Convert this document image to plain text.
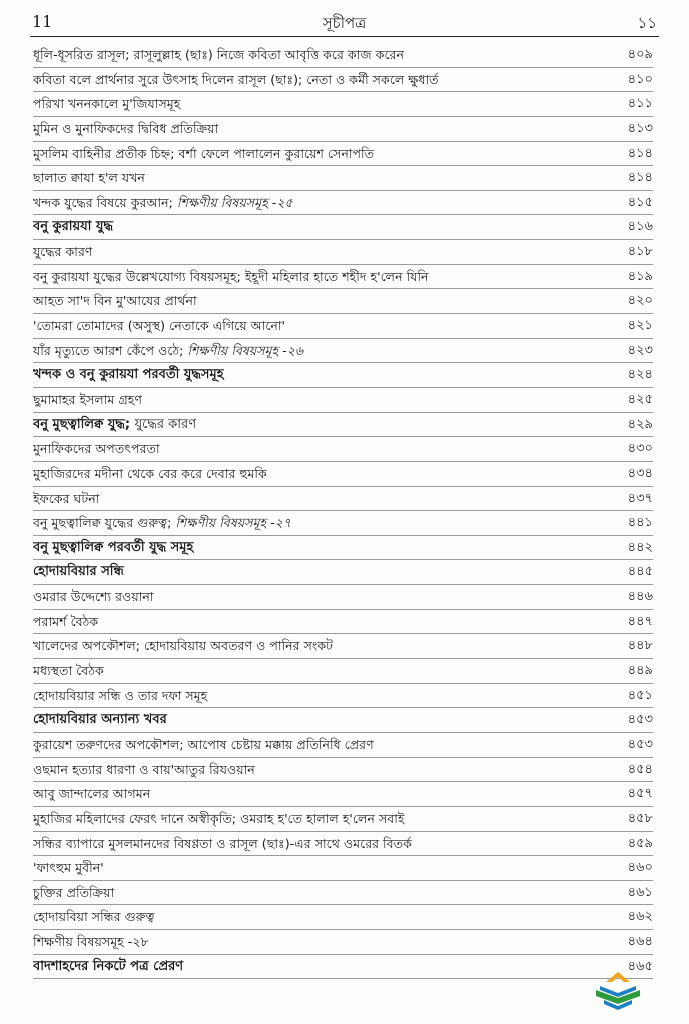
11	সূচীপত্র	১১
ধূলি-ধূসরিত রাসূল; রাসূলুল্লাহ (ছাঃ) নিজে কবিতা আবৃত্তি করে কাজ করেন	৪০৯
কবিতা বলে প্রার্থনার সুরে উৎসাহ দিলেন রাসূল (ছাঃ); নেতা ও কর্মী সকলে ক্ষুধার্ত	৪১০
পরিখা খননকালে মু'জিযাসমূহ	৪১১
মুমিন ও মুনাফিকদের দ্বিবিধ প্রতিক্রিয়া	৪১৩
মুসলিম বাহিনীর প্রতীক চিহ্ন; বর্শা ফেলে পালালেন কুরায়েশ সেনাপতি	৪১৪
ছালাত ক্বাযা হ'ল যখন	৪১৪
খন্দক যুদ্ধের বিষয়ে কুরআন; শিক্ষণীয় বিষয়সমূহ -২৫	৪১৫
বনু কুরায়যা যুদ্ধ	৪১৬
যুদ্ধের কারণ	৪১৮
বনু কুরায়যা যুদ্ধের উল্লেখযোগ্য বিষয়সমূহ; ইহূদী মহিলার হাতে শহীদ হ'লেন যিনি	৪১৯
আহত সা'দ বিন মু'আযের প্রার্থনা	৪২০
'তোমরা তোমাদের (অসুস্থ) নেতাকে এগিয়ে আনো'	৪২১
যাঁর মৃত্যুতে আরশ কেঁপে ওঠে; শিক্ষণীয় বিষয়সমূহ -২৬	৪২৩
খন্দক ও বনু কুরায়যা পরবর্তী যুদ্ধসমূহ	৪২৪
ছুমামাহর ইসলাম গ্রহণ	৪২৫
বনু মুছত্বালিক্ব যুদ্ধ; যুদ্ধের কারণ	৪২৯
মুনাফিকদের অপতৎপরতা	৪৩০
মুহাজিরদের মদীনা থেকে বের করে দেবার হুমকি	৪৩৪
ইফকের ঘটনা	৪৩৭
বনু মুছত্বালিক্ব যুদ্ধের গুরুত্ব; শিক্ষণীয় বিষয়সমূহ -২৭	৪৪১
বনু মুছত্বালিক্ব পরবর্তী যুদ্ধ সমূহ	৪৪২
হোদায়বিয়ার সন্ধি	৪৪৫
ওমরার উদ্দেশ্যে রওয়ানা	৪৪৬
পরামর্শ বৈঠক	৪৪৭
খালেদের অপকৌশল; হোদায়বিয়ায় অবতরণ ও পানির সংকট	৪৪৮
মধ্যস্থতা বৈঠক	৪৪৯
হোদায়বিয়ার সন্ধি ও তার দফা সমূহ	৪৫১
হোদায়বিয়ার অন্যান্য খবর	৪৫৩
কুরায়েশ তরুণদের অপকৌশল; আপোষ চেষ্টায় মক্কায় প্রতিনিধি প্রেরণ	৪৫৩
ওছমান হত্যার ধারণা ও বায়'আতুর রিযওয়ান	৪৫৪
আবু জান্দালের আগমন	৪৫৭
মুহাজির মহিলাদের ফেরৎ দানে অস্বীকৃতি; ওমরাহ হ'তে হালাল হ'লেন সবাই	৪৫৮
সন্ধির ব্যাপারে মুসলমানদের বিষণ্ণতা ও রাসূল (ছাঃ)-এর সাথে ওমরের বিতর্ক	৪৫৯
'ফাৎহুম মুবীন'	৪৬০
চুক্তির প্রতিক্রিয়া	৪৬১
হোদায়বিয়া সন্ধির গুরুত্ব	৪৬২
শিক্ষণীয় বিষয়সমূহ -২৮	৪৬৪
বাদশাহদের নিকটে পত্র প্রেরণ	৪৬৫
